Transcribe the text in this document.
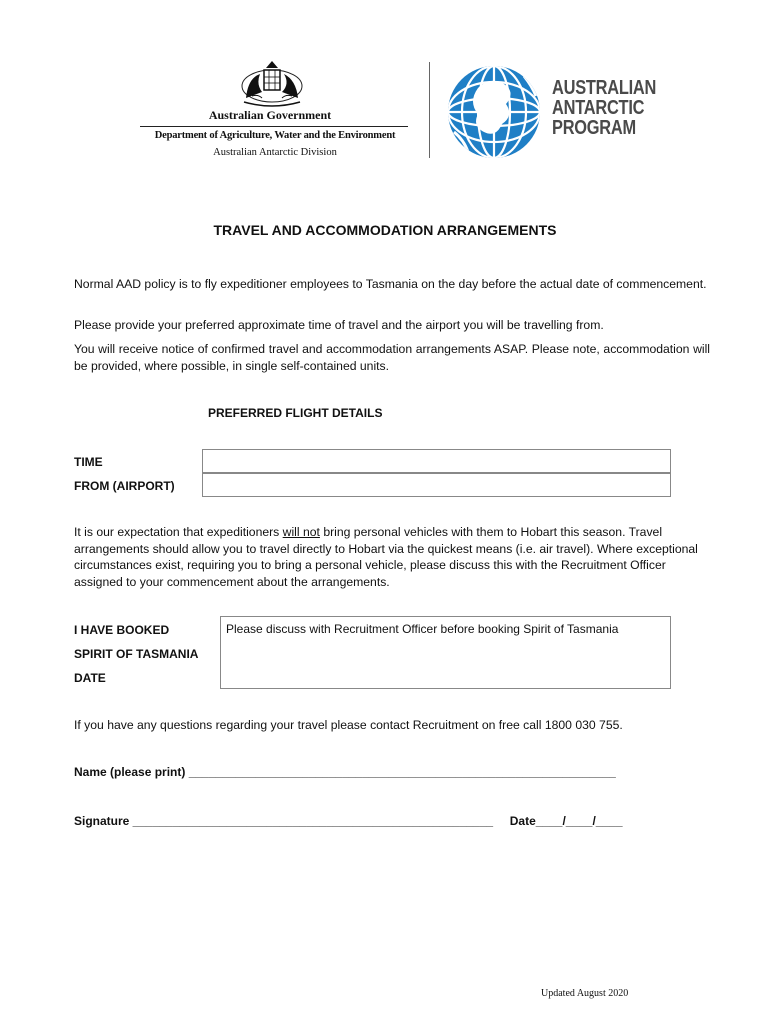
Australian Government
Department of Agriculture, Water and the Environment
Australian Antarctic Division
AUSTRALIAN
ANTARCTIC
PROGRAM
TRAVEL AND ACCOMMODATION ARRANGEMENTS
Normal AAD policy is to fly expeditioner employees to Tasmania on the day before the actual date of commencement.
Please provide your preferred approximate time of travel and the airport you will be travelling from.
You will receive notice of confirmed travel and accommodation arrangements ASAP. Please note, accommodation will be provided, where possible, in single self-contained units.
PREFERRED FLIGHT DETAILS
TIME
FROM (AIRPORT)
It is our expectation that expeditioners will not bring personal vehicles with them to Hobart this season. Travel arrangements should allow you to travel directly to Hobart via the quickest means (i.e. air travel). Where exceptional circumstances exist, requiring you to bring a personal vehicle, please discuss this with the Recruitment Officer assigned to your commencement about the arrangements.
I HAVE BOOKED
SPIRIT OF TASMANIA
DATE
Please discuss with Recruitment Officer before booking Spirit of Tasmania
If you have any questions regarding your travel please contact Recruitment on free call 1800 030 755.
Name (please print) ________________________________________________________________
Signature ______________________________________________________     Date____/____/____
Updated August 2020
